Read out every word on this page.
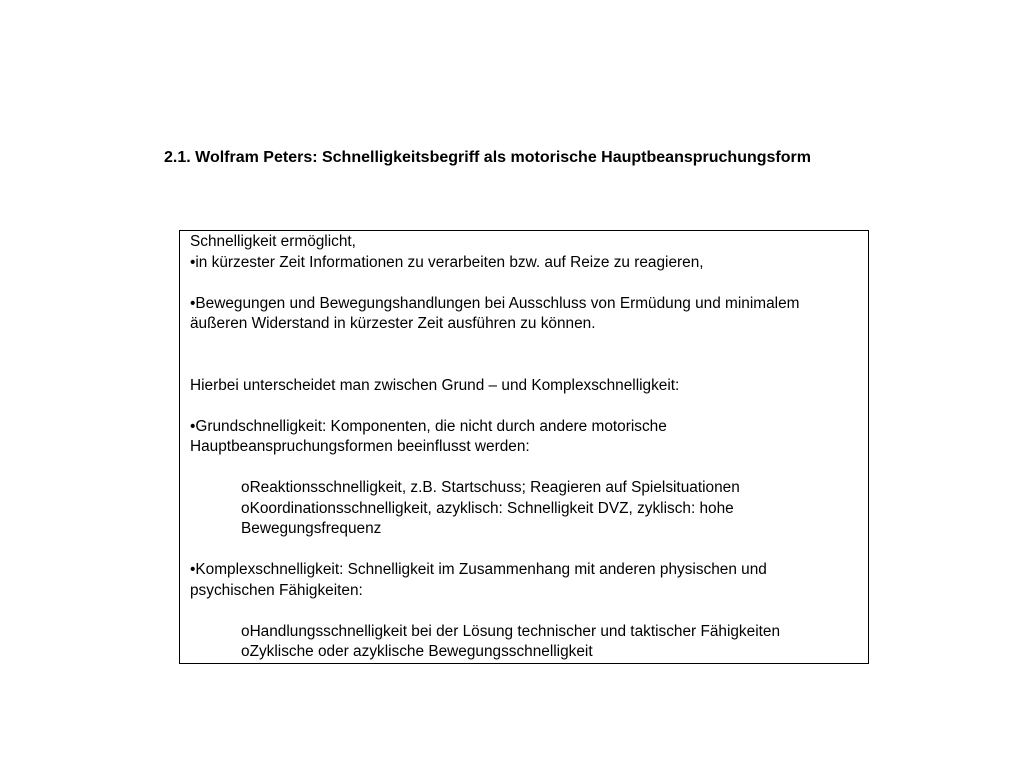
2.1. Wolfram Peters: Schnelligkeitsbegriff als motorische Hauptbeanspruchungsform

Schnelligkeit ermöglicht,

•in kürzester Zeit Informationen zu verarbeiten bzw. auf Reize zu reagieren,

•Bewegungen und Bewegungshandlungen bei Ausschluss von Ermüdung und minimalem

äußeren Widerstand in kürzester Zeit ausführen zu können.

Hierbei unterscheidet man zwischen Grund – und Komplexschnelligkeit:

•Grundschnelligkeit: Komponenten, die nicht durch andere motorische

Hauptbeanspruchungsformen beeinflusst werden:

oReaktionsschnelligkeit, z.B. Startschuss; Reagieren auf Spielsituationen

oKoordinationsschnelligkeit, azyklisch: Schnelligkeit DVZ, zyklisch: hohe

Bewegungsfrequenz

•Komplexschnelligkeit: Schnelligkeit im Zusammenhang mit anderen physischen und

psychischen Fähigkeiten:

oHandlungsschnelligkeit bei der Lösung technischer und taktischer Fähigkeiten

oZyklische oder azyklische Bewegungsschnelligkeit
